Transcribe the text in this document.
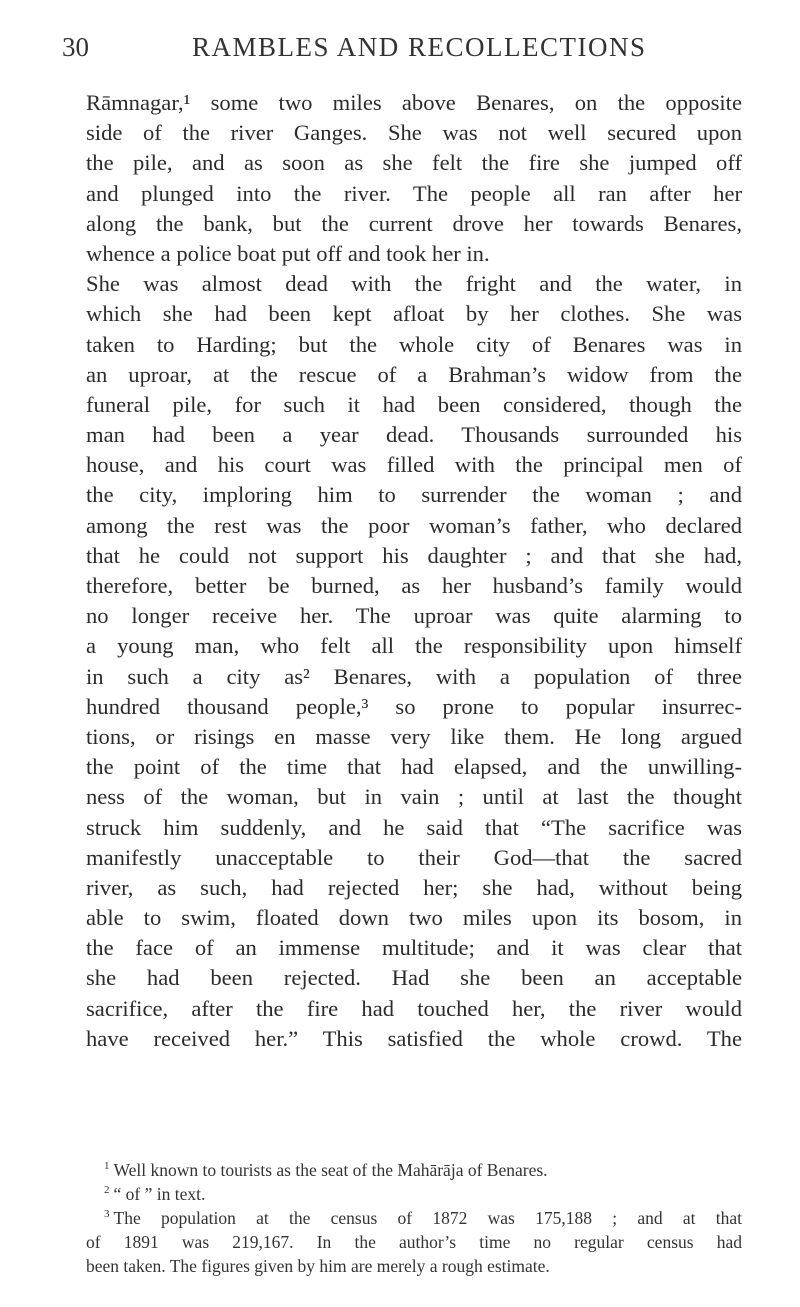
30	RAMBLES AND RECOLLECTIONS
Rāmnagar,¹ some two miles above Benares, on the opposite
side of the river Ganges. She was not well secured upon
the pile, and as soon as she felt the fire she jumped off
and plunged into the river. The people all ran after her
along the bank, but the current drove her towards Benares,
whence a police boat put off and took her in.
She was almost dead with the fright and the water, in
which she had been kept afloat by her clothes. She was
taken to Harding; but the whole city of Benares was in
an uproar, at the rescue of a Brahman’s widow from the
funeral pile, for such it had been considered, though the
man had been a year dead. Thousands surrounded his
house, and his court was filled with the principal men of
the city, imploring him to surrender the woman ; and
among the rest was the poor woman’s father, who declared
that he could not support his daughter ; and that she had,
therefore, better be burned, as her husband’s family would
no longer receive her. The uproar was quite alarming to
a young man, who felt all the responsibility upon himself
in such a city as² Benares, with a population of three
hundred thousand people,³ so prone to popular insurrec-
tions, or risings en masse very like them. He long argued
the point of the time that had elapsed, and the unwilling-
ness of the woman, but in vain ; until at last the thought
struck him suddenly, and he said that “The sacrifice was
manifestly unacceptable to their God—that the sacred
river, as such, had rejected her; she had, without being
able to swim, floated down two miles upon its bosom, in
the face of an immense multitude; and it was clear that
she had been rejected. Had she been an acceptable
sacrifice, after the fire had touched her, the river would
have received her.” This satisfied the whole crowd. The
$^1$ Well known to tourists as the seat of the Mahārāja of Benares.
$^2$ “ of ” in text.
$^3$ The population at the census of 1872 was 175,188 ; and at that
of 1891 was 219,167. In the author’s time no regular census had
been taken. The figures given by him are merely a rough estimate.
